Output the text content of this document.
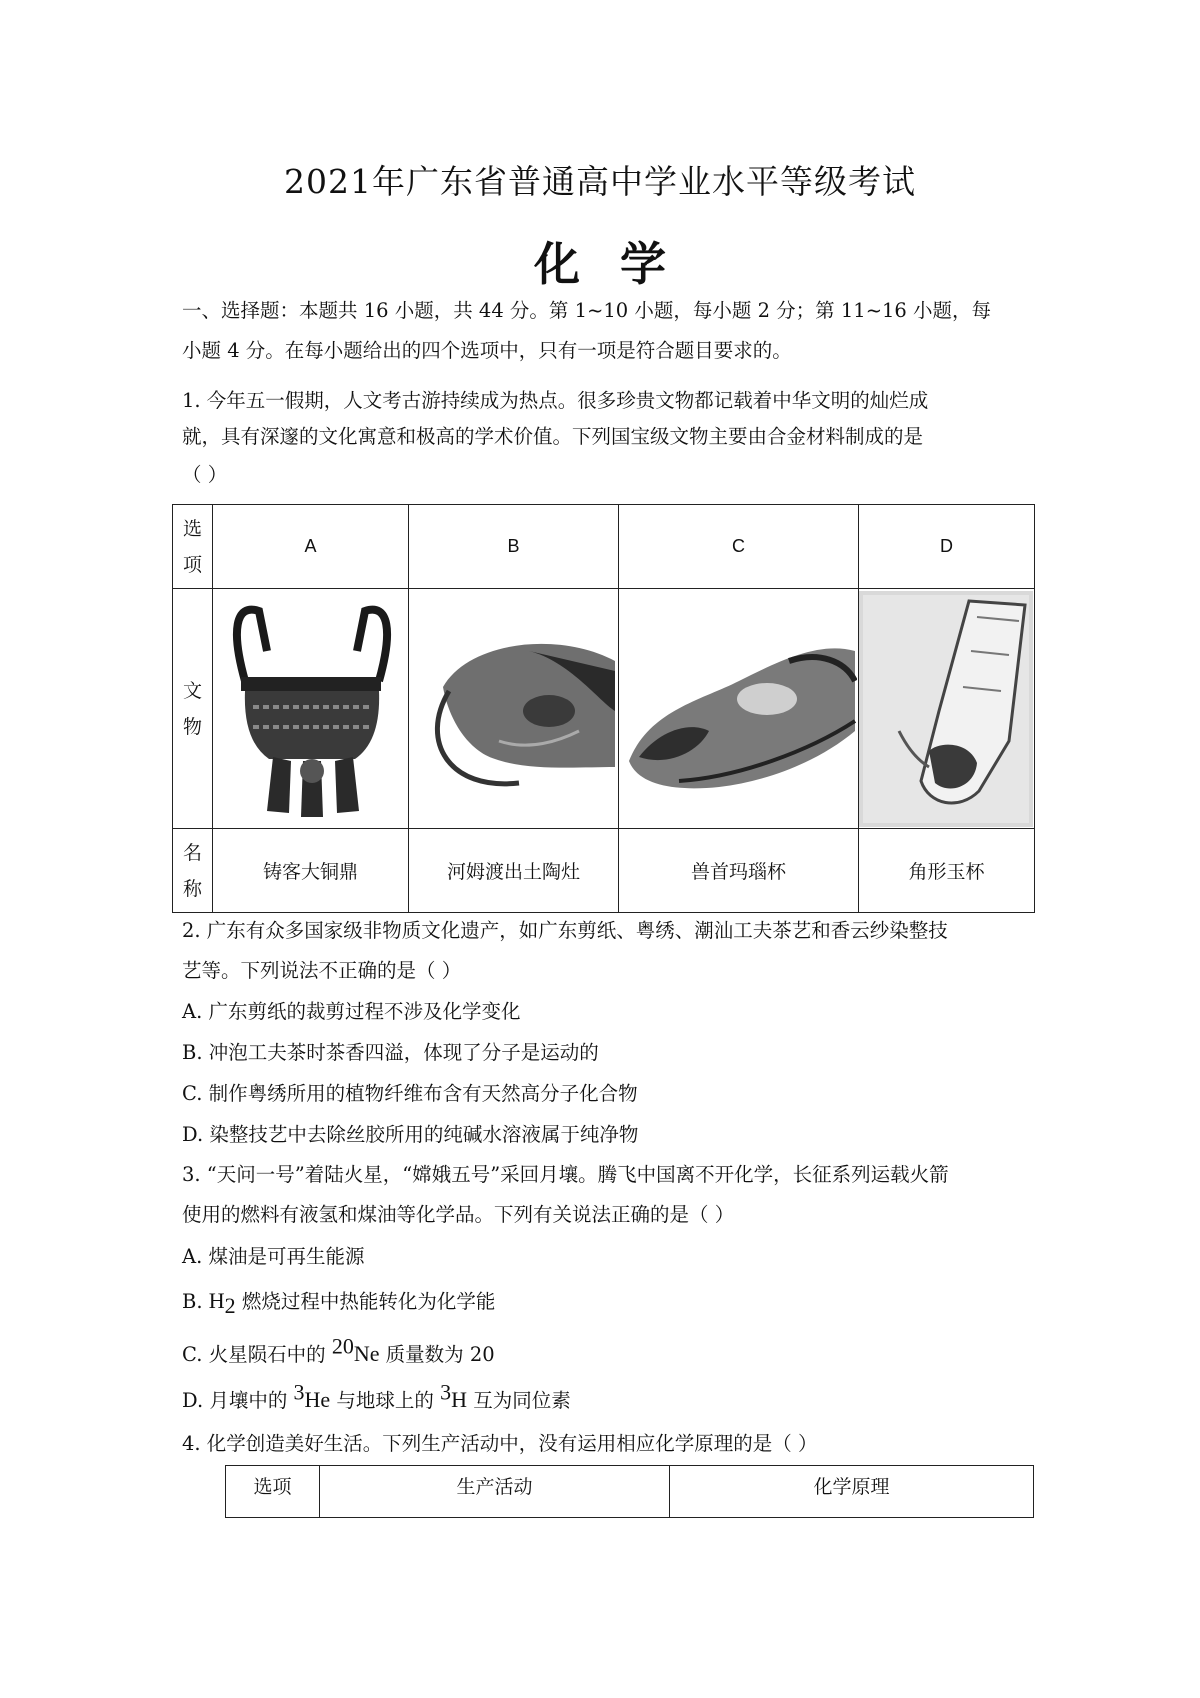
2021年广东省普通高中学业水平等级考试
化学
一、选择题：本题共 16 小题，共 44 分。第 1~10 小题，每小题 2 分；第 11~16 小题，每
小题 4 分。在每小题给出的四个选项中，只有一项是符合题目要求的。
1. 今年五一假期，人文考古游持续成为热点。很多珍贵文物都记载着中华文明的灿烂成
就，具有深邃的文化寓意和极高的学术价值。下列国宝级文物主要由合金材料制成的是
（ ）
选
项	A	B	C	D

文
物

名
称	铸客大铜鼎	河姆渡出土陶灶	兽首玛瑙杯	角形玉杯
2. 广东有众多国家级非物质文化遗产，如广东剪纸、粤绣、潮汕工夫茶艺和香云纱染整技
艺等。下列说法不正确的是（ ）
A. 广东剪纸的裁剪过程不涉及化学变化
B. 冲泡工夫茶时茶香四溢，体现了分子是运动的
C. 制作粤绣所用的植物纤维布含有天然高分子化合物
D. 染整技艺中去除丝胶所用的纯碱水溶液属于纯净物
3. “天问一号”着陆火星，“嫦娥五号”采回月壤。腾飞中国离不开化学，长征系列运载火箭
使用的燃料有液氢和煤油等化学品。下列有关说法正确的是（ ）
A. 煤油是可再生能源
B. $H_2$ 燃烧过程中热能转化为化学能
C. 火星陨石中的 $^{20}$Ne 质量数为 20
D. 月壤中的 $^3$He 与地球上的 $^3$H 互为同位素
4. 化学创造美好生活。下列生产活动中，没有运用相应化学原理的是（ ）
选项	生产活动	化学原理
